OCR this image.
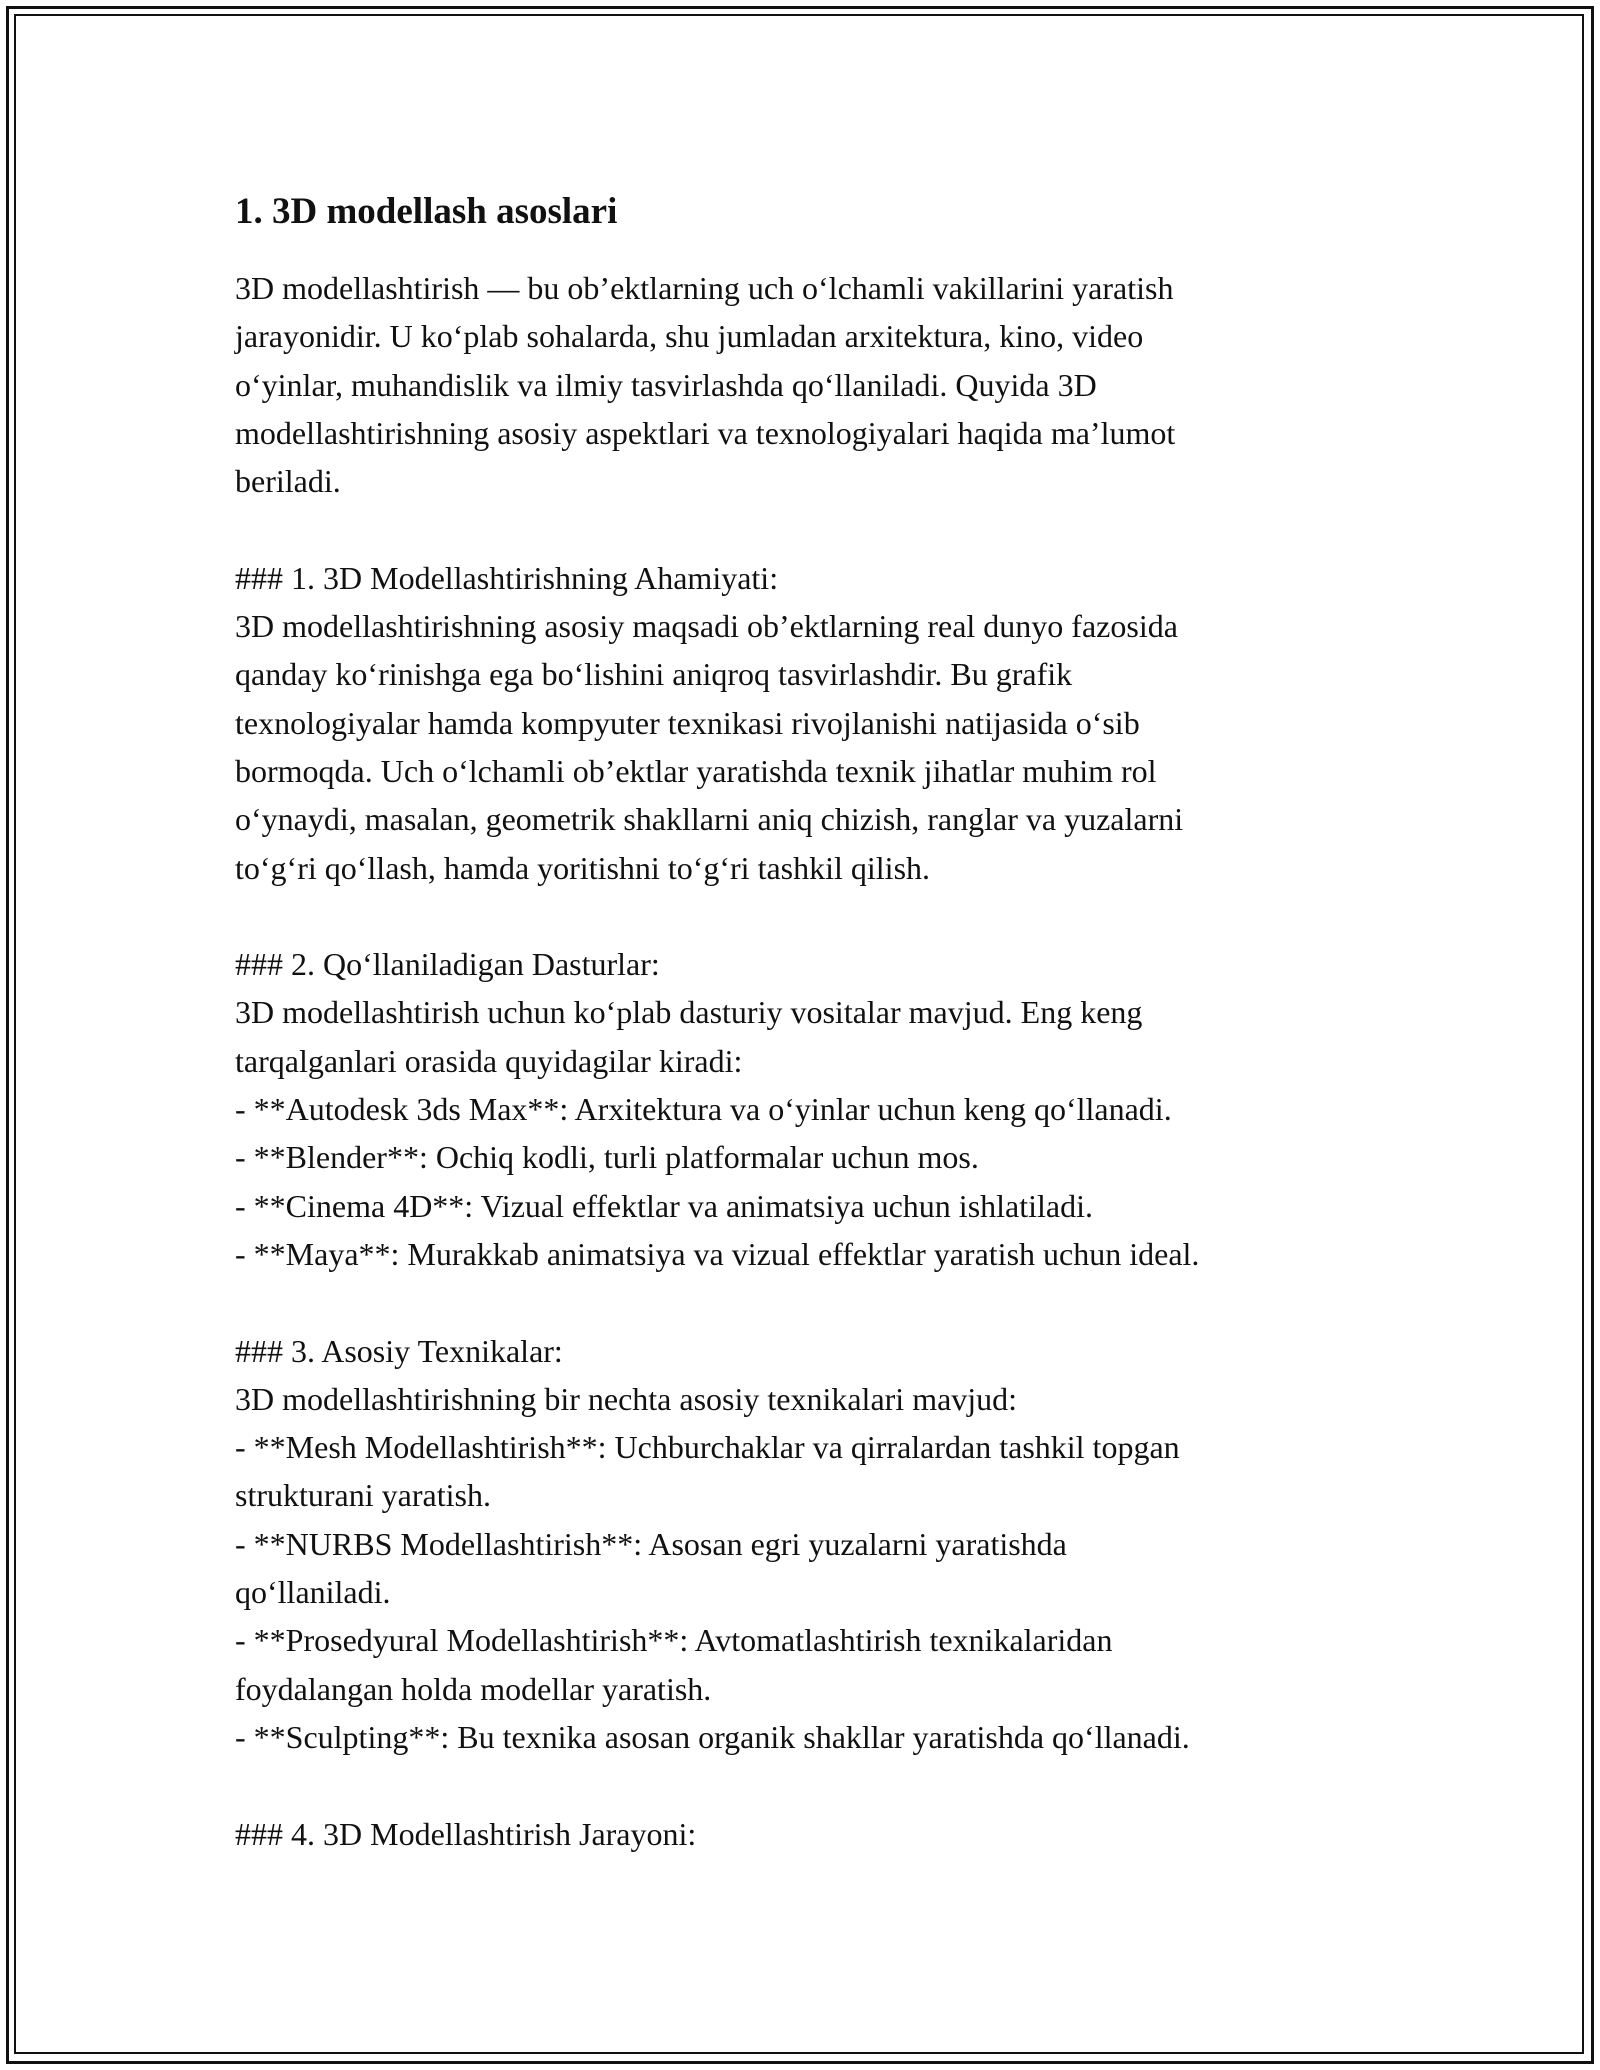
1. 3D modellash asoslari

3D modellashtirish — bu ob’ektlarning uch o‘lchamli vakillarini yaratish

jarayonidir. U ko‘plab sohalarda, shu jumladan arxitektura, kino, video

o‘yinlar, muhandislik va ilmiy tasvirlashda qo‘llaniladi. Quyida 3D

modellashtirishning asosiy aspektlari va texnologiyalari haqida ma’lumot

beriladi.

### 1. 3D Modellashtirishning Ahamiyati:

3D modellashtirishning asosiy maqsadi ob’ektlarning real dunyo fazosida

qanday ko‘rinishga ega bo‘lishini aniqroq tasvirlashdir. Bu grafik

texnologiyalar hamda kompyuter texnikasi rivojlanishi natijasida o‘sib

bormoqda. Uch o‘lchamli ob’ektlar yaratishda texnik jihatlar muhim rol

o‘ynaydi, masalan, geometrik shakllarni aniq chizish, ranglar va yuzalarni

to‘g‘ri qo‘llash, hamda yoritishni to‘g‘ri tashkil qilish.

### 2. Qo‘llaniladigan Dasturlar:

3D modellashtirish uchun ko‘plab dasturiy vositalar mavjud. Eng keng

tarqalganlari orasida quyidagilar kiradi:

- **Autodesk 3ds Max**: Arxitektura va o‘yinlar uchun keng qo‘llanadi.

- **Blender**: Ochiq kodli, turli platformalar uchun mos.

- **Cinema 4D**: Vizual effektlar va animatsiya uchun ishlatiladi.

- **Maya**: Murakkab animatsiya va vizual effektlar yaratish uchun ideal.

### 3. Asosiy Texnikalar:

3D modellashtirishning bir nechta asosiy texnikalari mavjud:

- **Mesh Modellashtirish**: Uchburchaklar va qirralardan tashkil topgan

strukturani yaratish.

- **NURBS Modellashtirish**: Asosan egri yuzalarni yaratishda

qo‘llaniladi.

- **Prosedyural Modellashtirish**: Avtomatlashtirish texnikalaridan

foydalangan holda modellar yaratish.

- **Sculpting**: Bu texnika asosan organik shakllar yaratishda qo‘llanadi.

### 4. 3D Modellashtirish Jarayoni:
